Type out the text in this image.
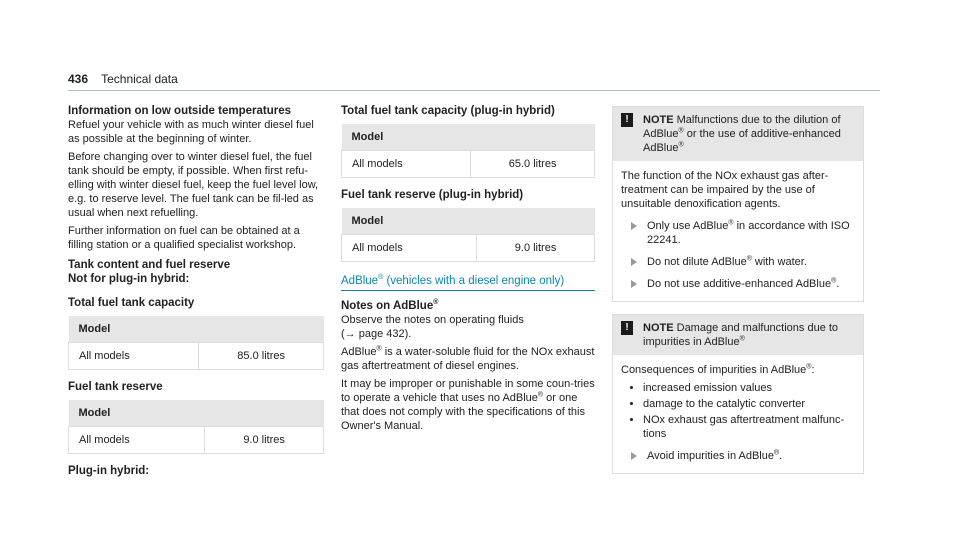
436 Technical data
Information on low outside temperatures

Refuel your vehicle with as much winter diesel fuel as possible at the beginning of winter.

Before changing over to winter diesel fuel, the fuel tank should be empty, if possible. When first refu-elling with winter diesel fuel, keep the fuel level low, e.g. to reserve level. The fuel tank can be fil-led as usual when next refuelling.

Further information on fuel can be obtained at a filling station or a qualified specialist workshop.

Tank content and fuel reserve
Not for plug-in hybrid:
Total fuel tank capacity
Model
All models	85.0 litres
Fuel tank reserve
Model
All models	9.0 litres
Plug-in hybrid:
Total fuel tank capacity (plug-in hybrid)
Model
All models	65.0 litres
Fuel tank reserve (plug-in hybrid)
Model
All models	9.0 litres
AdBlue® (vehicles with a diesel engine only)
Notes on AdBlue®

Observe the notes on operating fluids
(→ page 432).

AdBlue® is a water-soluble fluid for the NOx exhaust gas aftertreatment of diesel engines.

It may be improper or punishable in some coun-tries to operate a vehicle that uses no AdBlue® or one that does not comply with the specifications of this Owner's Manual.

!	NOTE Malfunctions due to the dilution of AdBlue® or the use of additive-enhanced AdBlue®

The function of the NOx exhaust gas after-treatment can be impaired by the use of unsuitable denoxification agents.

Only use AdBlue® in accordance with ISO 22241.
Do not dilute AdBlue® with water.
Do not use additive-enhanced AdBlue®.
!	NOTE Damage and malfunctions due to impurities in AdBlue®

Consequences of impurities in AdBlue®:

• increased emission values
• damage to the catalytic converter
• NOx exhaust gas aftertreatment malfunc-tions
Avoid impurities in AdBlue®.
